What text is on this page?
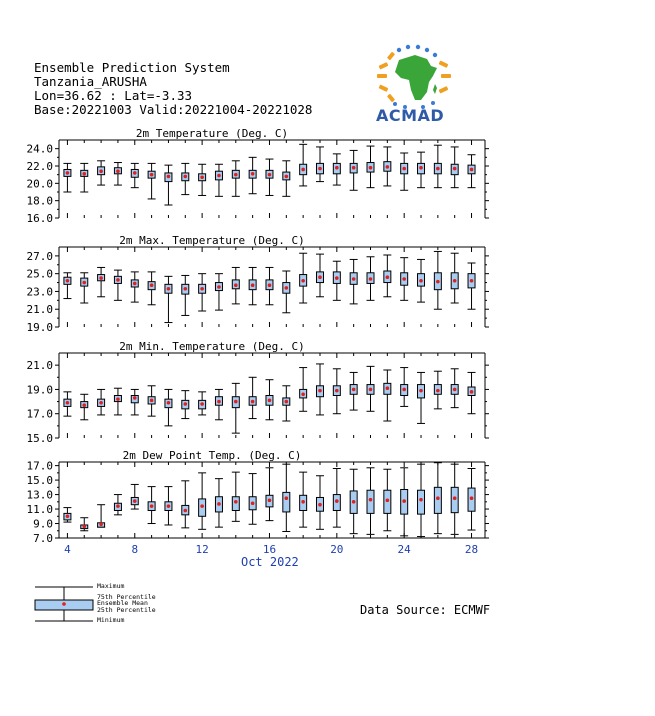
Ensemble Prediction System
Tanzania_ARUSHA
Lon=36.62 : Lat=-3.33
Base:20221003 Valid:20221004-20221028	ACMAD
2m Temperature (Deg. C)
16.0
18.0
20.0
22.0
24.0
2m Max. Temperature (Deg. C)
19.0
21.0
23.0
25.0
27.0
2m Min. Temperature (Deg. C)
15.0
17.0
19.0
21.0
2m Dew Point Temp. (Deg. C)
7.0
9.0
11.0
13.0
15.0
17.0
4	8	12	16	20	24	28
Oct 2022
Maximum
75th Percentile
Ensemble Mean
25th Percentile
Minimum
Data Source: ECMWF
